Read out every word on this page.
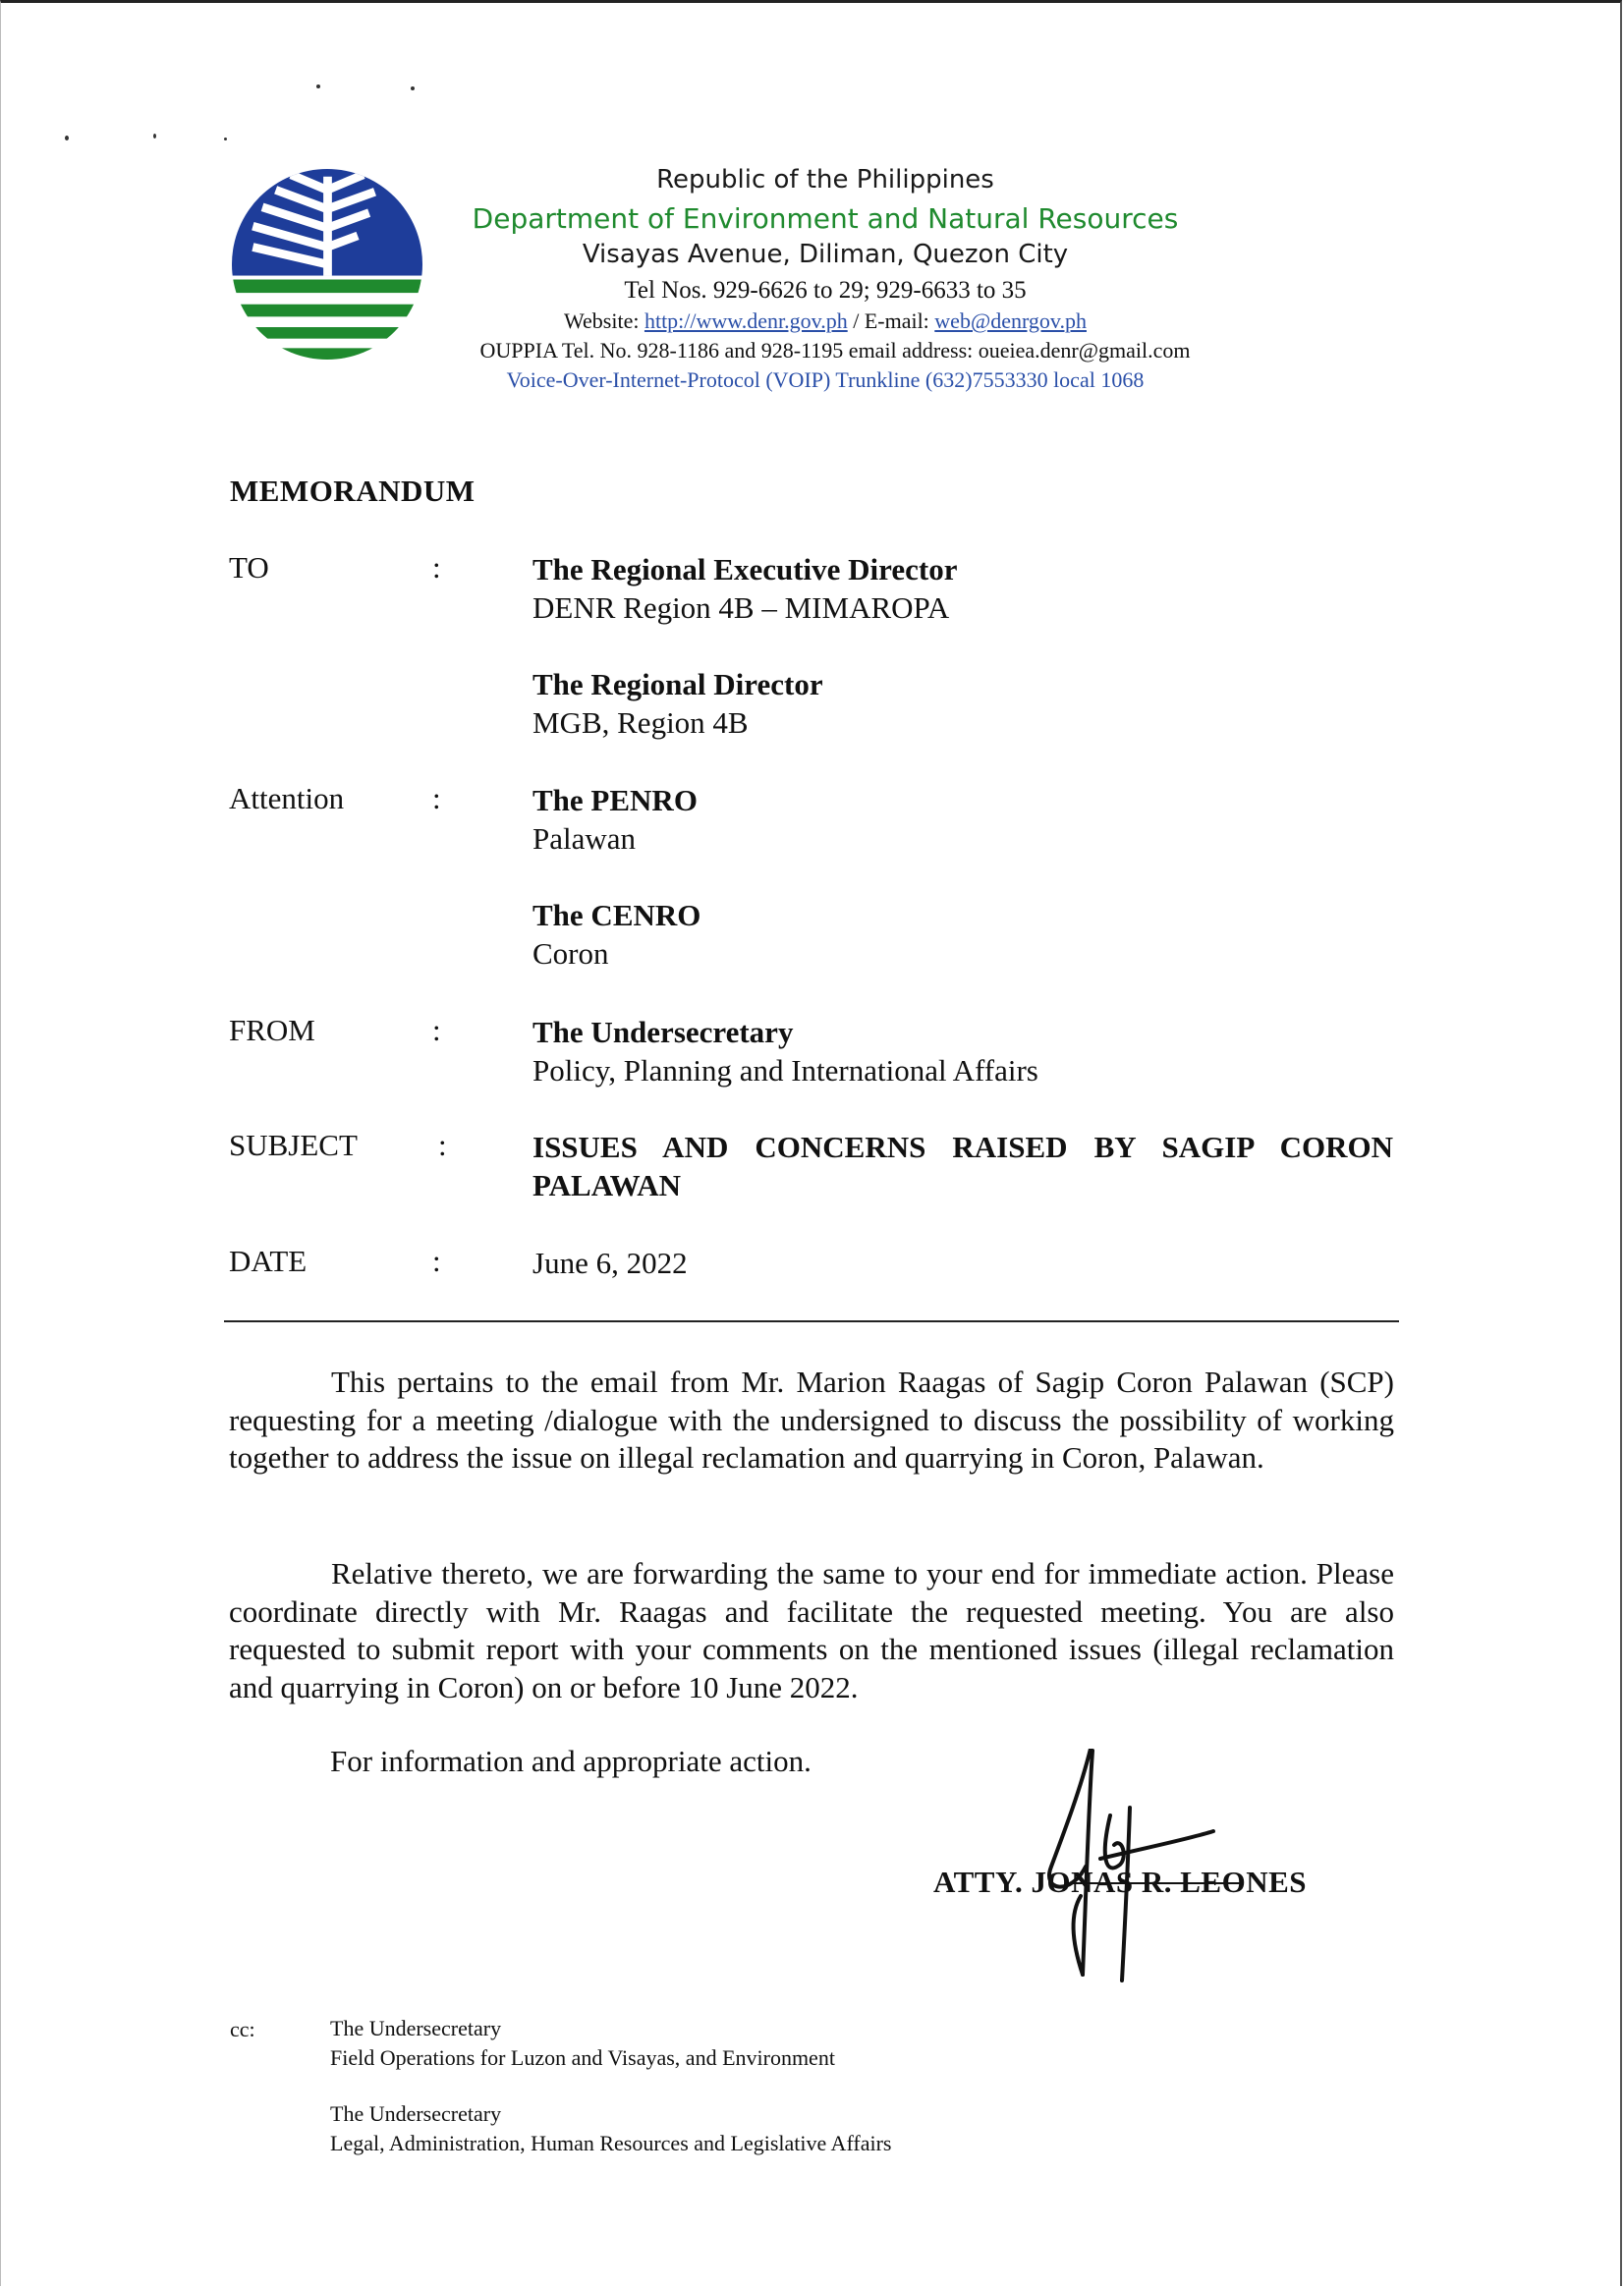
Republic of the Philippines
Department of Environment and Natural Resources
Visayas Avenue, Diliman, Quezon City
Tel Nos. 929-6626 to 29; 929-6633 to 35
Website: http://www.denr.gov.ph / E-mail: web@denrgov.ph
OUPPIA Tel. No. 928-1186 and 928-1195 email address: oueiea.denr@gmail.com
Voice-Over-Internet-Protocol (VOIP) Trunkline (632)7553330 local 1068
MEMORANDUM
TO	:	The Regional Executive Director
DENR Region 4B – MIMAROPA
The Regional Director
MGB, Region 4B
Attention	:	The PENRO
Palawan
The CENRO
Coron
FROM	:	The Undersecretary
Policy, Planning and International Affairs
SUBJECT	:	ISSUES AND CONCERNS RAISED BY SAGIP CORON PALAWAN
DATE	:	June 6, 2022
This pertains to the email from Mr. Marion Raagas of Sagip Coron Palawan (SCP) requesting for a meeting /dialogue with the undersigned to discuss the possibility of working together to address the issue on illegal reclamation and quarrying in Coron, Palawan.
Relative thereto, we are forwarding the same to your end for immediate action. Please coordinate directly with Mr. Raagas and facilitate the requested meeting. You are also requested to submit report with your comments on the mentioned issues (illegal reclamation and quarrying in Coron) on or before 10 June 2022.
For information and appropriate action.
ATTY. JONAS R. LEONES
cc:	The Undersecretary
Field Operations for Luzon and Visayas, and Environment
The Undersecretary
Legal, Administration, Human Resources and Legislative Affairs
